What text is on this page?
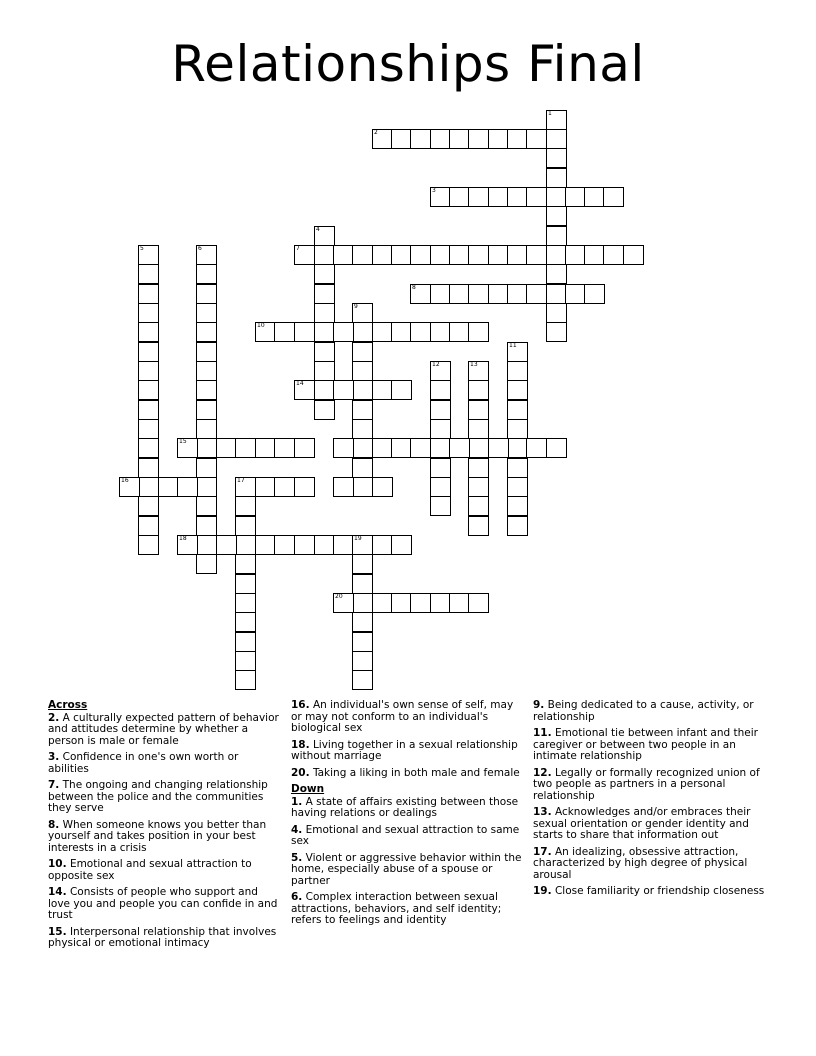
Relationships Final
1
2
3
4
5	6	7
8
9
10
11
12	13
14
15
16	17
18	19
20

Across

2. A culturally expected pattern of behavior and attitudes determine by whether a person is male or female

3. Confidence in one's own worth or abilities

7. The ongoing and changing relationship between the police and the communities they serve

8. When someone knows you better than yourself and takes position in your best interests in a crisis

10. Emotional and sexual attraction to opposite sex

14. Consists of people who support and love you and people you can confide in and trust

15. Interpersonal relationship that involves physical or emotional intimacy

16. An individual's own sense of self, may or may not conform to an individual's biological sex

18. Living together in a sexual relationship without marriage

20. Taking a liking in both male and female

Down

1. A state of affairs existing between those having relations or dealings

4. Emotional and sexual attraction to same sex

5. Violent or aggressive behavior within the home, especially abuse of a spouse or partner

6. Complex interaction between sexual attractions, behaviors, and self identity; refers to feelings and identity

9. Being dedicated to a cause, activity, or relationship

11. Emotional tie between infant and their caregiver or between two people in an intimate relationship

12. Legally or formally recognized union of two people as partners in a personal relationship

13. Acknowledges and/or embraces their sexual orientation or gender identity and starts to share that information out

17. An idealizing, obsessive attraction, characterized by high degree of physical arousal

19. Close familiarity or friendship closeness
